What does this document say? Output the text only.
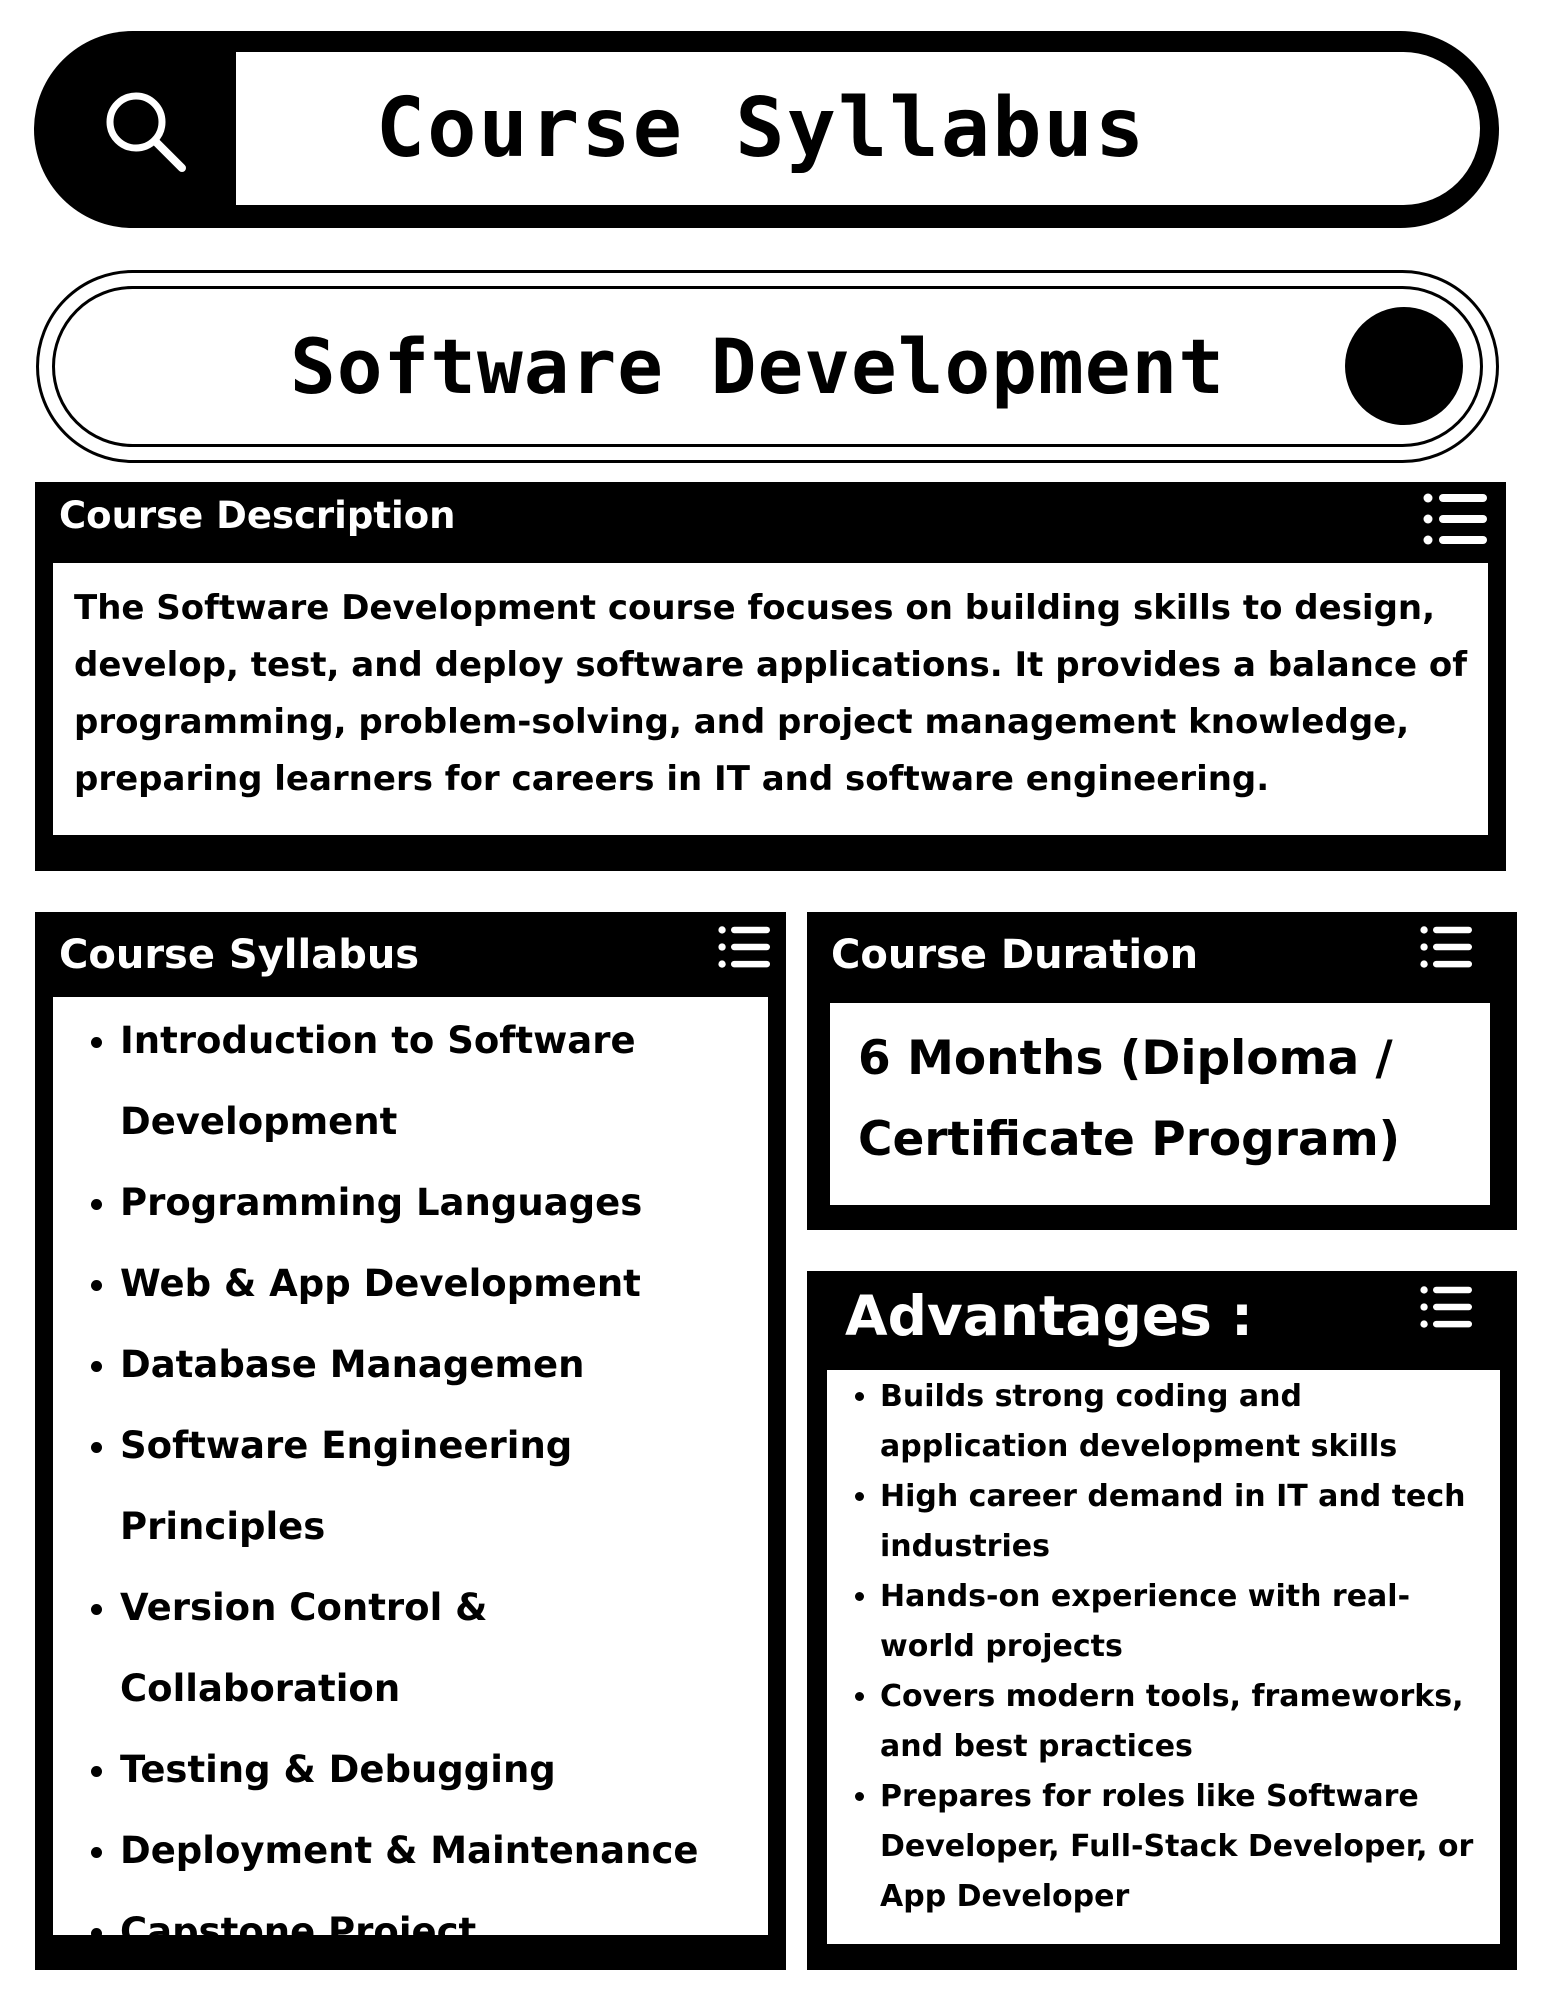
Course Syllabus
Software Development
Course Description
The Software Development course focuses on building skills to design, develop, test, and deploy software applications. It provides a balance of programming, problem-solving, and project management knowledge, preparing learners for careers in IT and software engineering.
Course Syllabus
• Introduction to Software Development
• Programming Languages
• Web & App Development
• Database Managemen
• Software Engineering Principles
• Version Control & Collaboration
• Testing & Debugging
• Deployment & Maintenance
• Capstone Project
Course Duration
6 Months (Diploma / Certificate Program)
Advantages :
• Builds strong coding and application development skills
• High career demand in IT and tech industries
• Hands-on experience with real-world projects
• Covers modern tools, frameworks, and best practices
• Prepares for roles like Software Developer, Full-Stack Developer, or App Developer
